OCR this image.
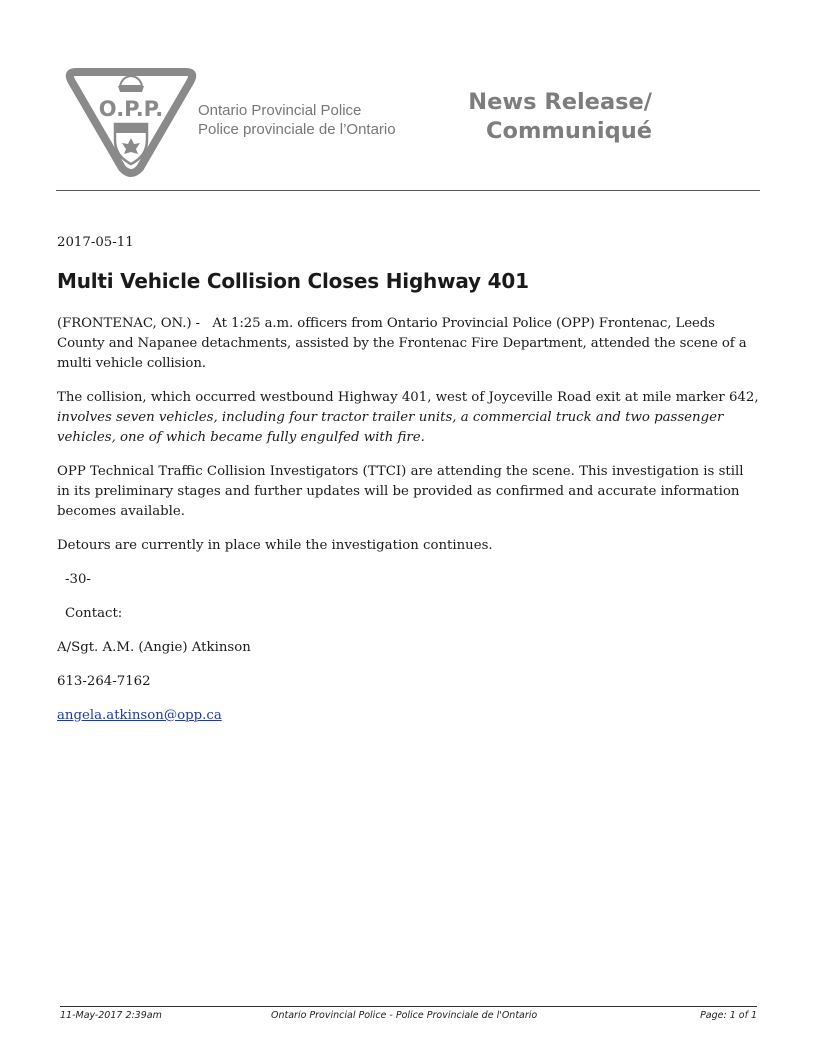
O.P.P. Ontario Provincial Police
Police provinciale de l’Ontario
News Release/
Communiqué
2017-05-11
Multi Vehicle Collision Closes Highway 401

(FRONTENAC, ON.) - At 1:25 a.m. officers from Ontario Provincial Police (OPP) Frontenac, Leeds County and Napanee detachments, assisted by the Frontenac Fire Department, attended the scene of a multi vehicle collision.

The collision, which occurred westbound Highway 401, west of Joyceville Road exit at mile marker 642, involves seven vehicles, including four tractor trailer units, a commercial truck and two passenger vehicles, one of which became fully engulfed with fire.

OPP Technical Traffic Collision Investigators (TTCI) are attending the scene. This investigation is still in its preliminary stages and further updates will be provided as confirmed and accurate information becomes available.

Detours are currently in place while the investigation continues.

-30-

Contact:

A/Sgt. A.M. (Angie) Atkinson

613-264-7162

angela.atkinson@opp.ca

11-May-2017 2:39am	Ontario Provincial Police - Police Provinciale de l'Ontario	Page: 1 of 1
